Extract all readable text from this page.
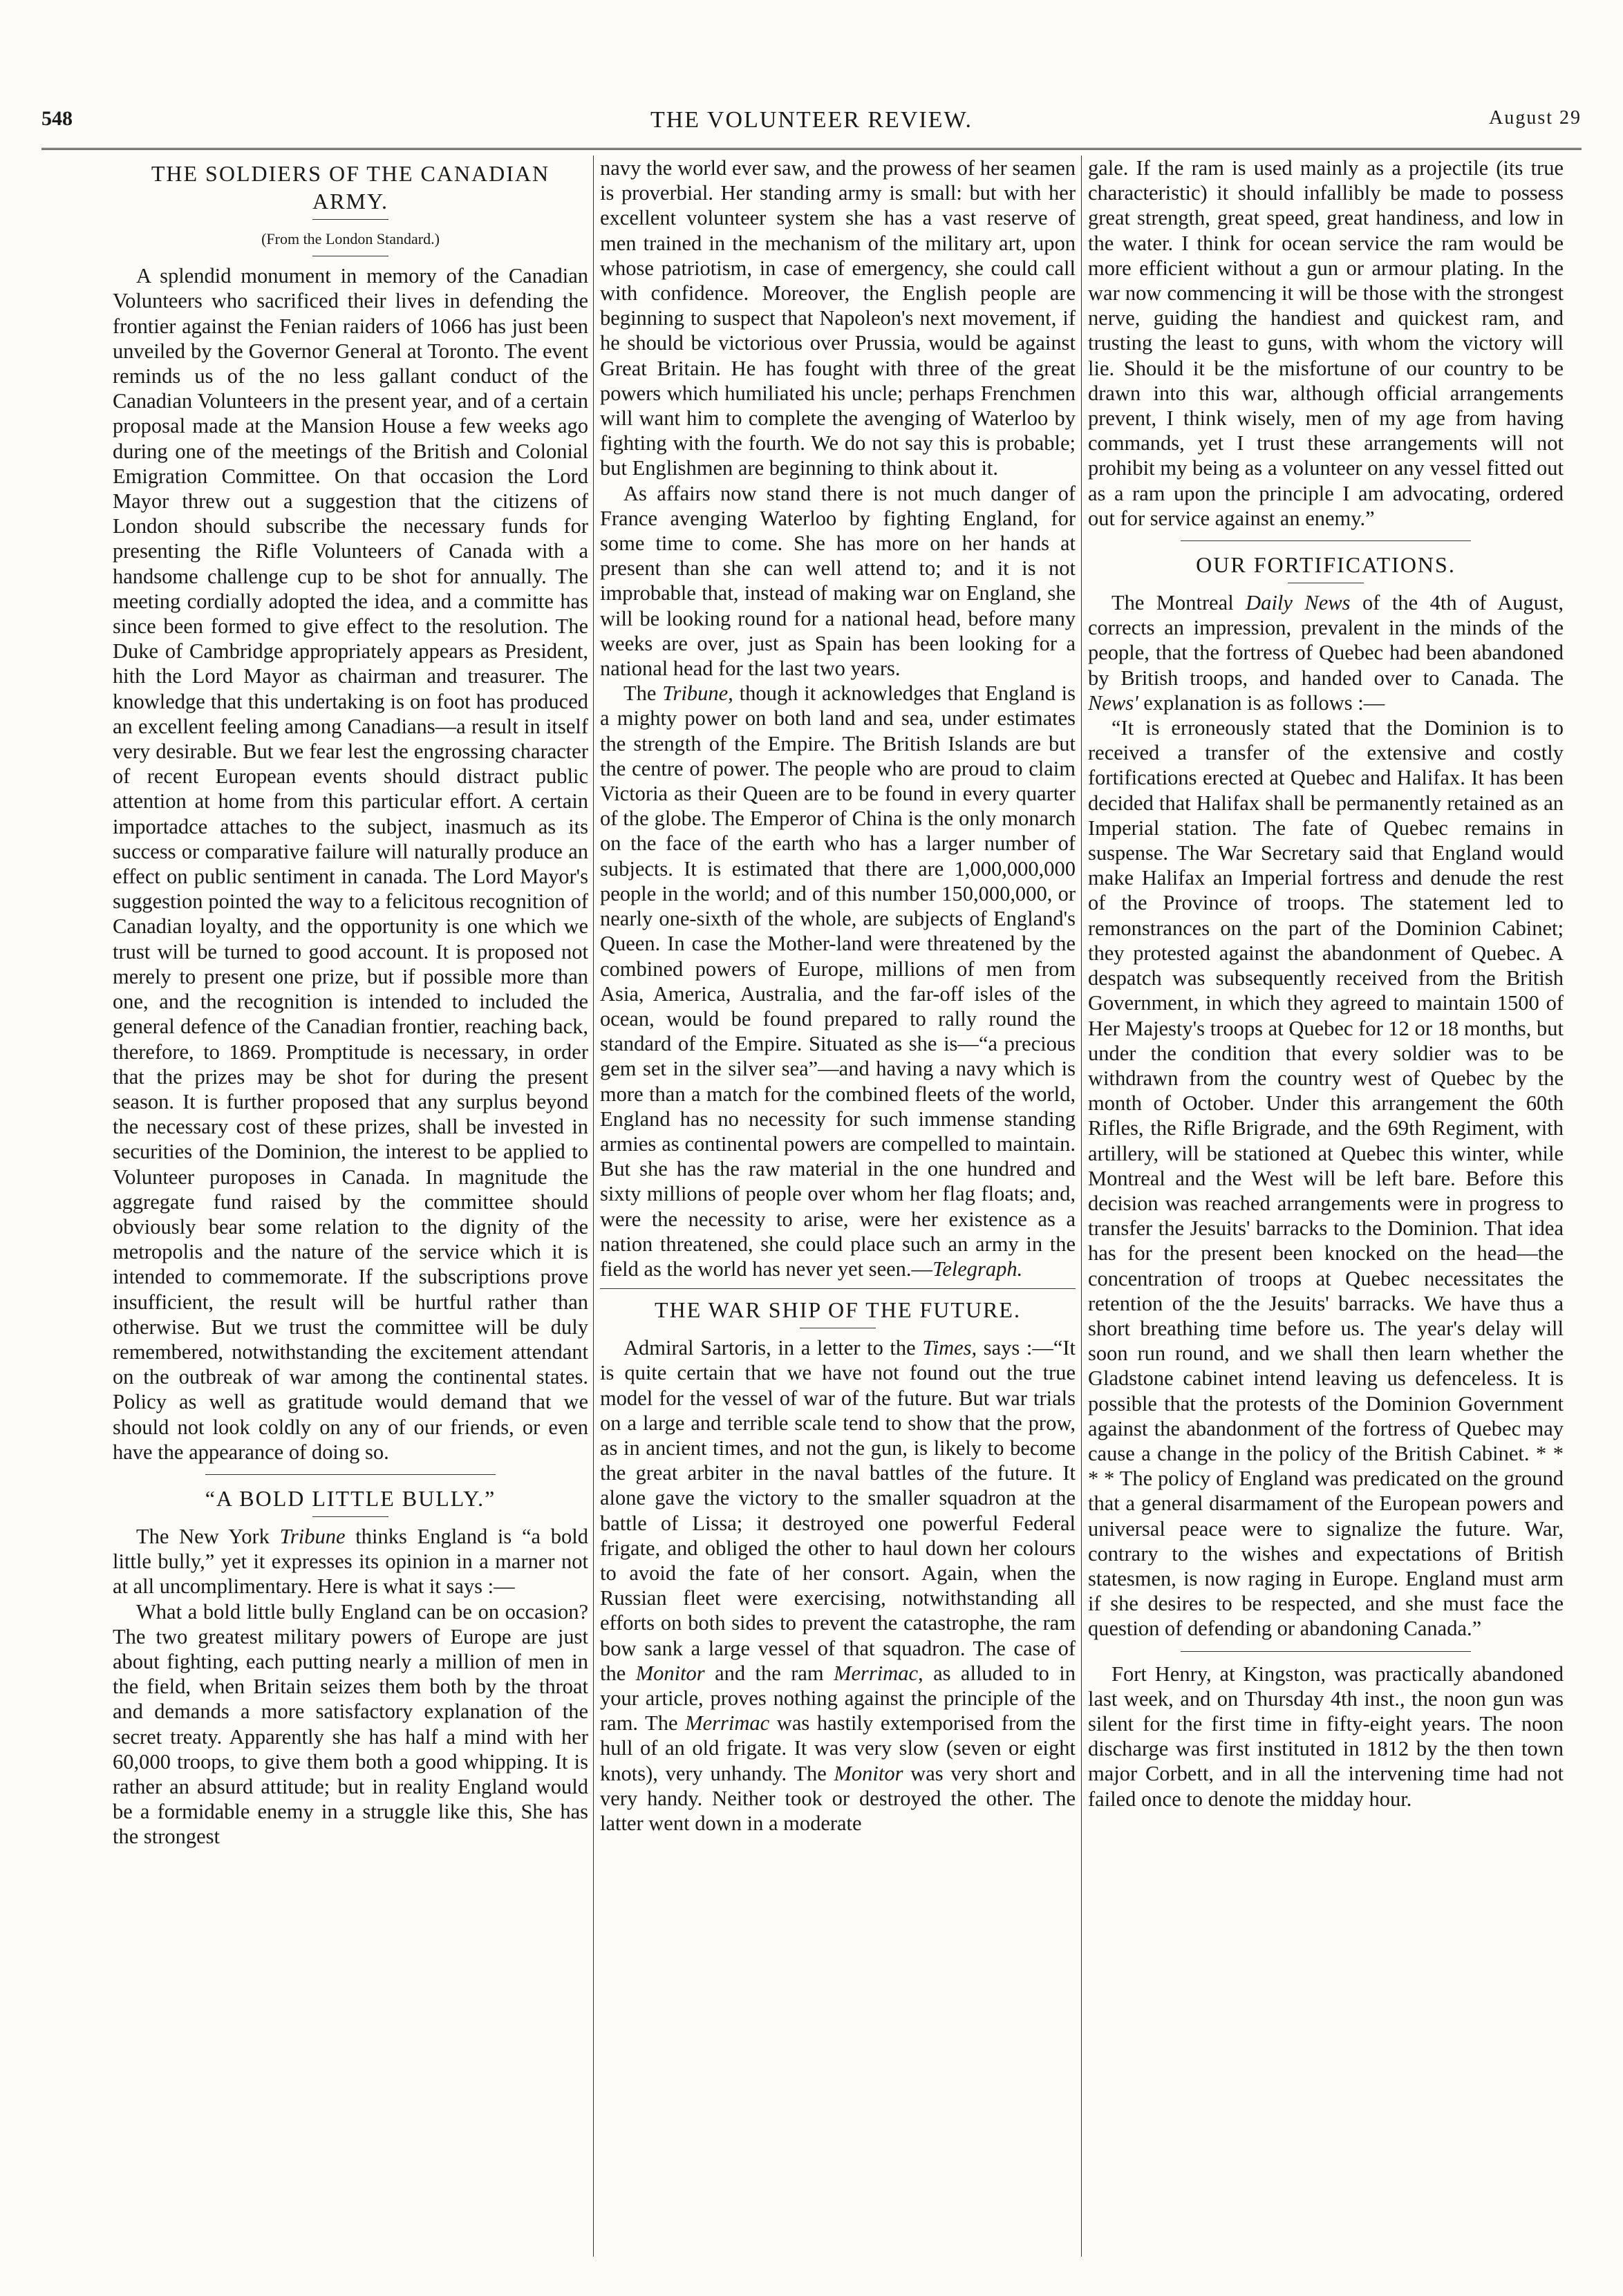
548	THE VOLUNTEER REVIEW.	August 29
THE SOLDIERS OF THE CANADIAN ARMY.
(From the London Standard.)

A splendid monument in memory of the Canadian Volunteers who sacrificed their lives in defending the frontier against the Fenian raiders of 1066 has just been unveiled by the Governor General at Toronto. The event reminds us of the no less gallant conduct of the Canadian Volunteers in the present year, and of a certain proposal made at the Mansion House a few weeks ago during one of the meetings of the British and Colonial Emigration Committee. On that occasion the Lord Mayor threw out a suggestion that the citizens of London should subscribe the necessary funds for presenting the Rifle Volunteers of Canada with a handsome challenge cup to be shot for annually. The meeting cordially adopted the idea, and a committe has since been formed to give effect to the resolution. The Duke of Cambridge appropriately appears as President, hith the Lord Mayor as chairman and treasurer. The knowledge that this undertaking is on foot has produced an excellent feeling among Canadians—a result in itself very desirable. But we fear lest the engrossing character of recent European events should distract public attention at home from this particular effort. A certain importadce attaches to the subject, inasmuch as its success or comparative failure will naturally produce an effect on public sentiment in canada. The Lord Mayor's suggestion pointed the way to a felicitous recognition of Canadian loyalty, and the opportunity is one which we trust will be turned to good account. It is proposed not merely to present one prize, but if possible more than one, and the recognition is intended to included the general defence of the Canadian frontier, reaching back, therefore, to 1869. Promptitude is necessary, in order that the prizes may be shot for during the present season. It is further proposed that any surplus beyond the necessary cost of these prizes, shall be invested in securities of the Dominion, the interest to be applied to Volunteer puroposes in Canada. In magnitude the aggregate fund raised by the committee should obviously bear some relation to the dignity of the metropolis and the nature of the service which it is intended to commemorate. If the subscriptions prove insufficient, the result will be hurtful rather than otherwise. But we trust the committee will be duly remembered, notwithstanding the excitement attendant on the outbreak of war among the continental states. Policy as well as gratitude would demand that we should not look coldly on any of our friends, or even have the appearance of doing so.

“A BOLD LITTLE BULLY.”

The New York Tribune thinks England is “a bold little bully,” yet it expresses its opinion in a marner not at all uncomplimentary. Here is what it says :—

What a bold little bully England can be on occasion? The two greatest military powers of Europe are just about fighting, each putting nearly a million of men in the field, when Britain seizes them both by the throat and demands a more satisfactory explanation of the secret treaty. Apparently she has half a mind with her 60,000 troops, to give them both a good whipping. It is rather an absurd attitude; but in reality England would be a formidable enemy in a struggle like this, She has the strongest

navy the world ever saw, and the prowess of her seamen is proverbial. Her standing army is small: but with her excellent volunteer system she has a vast reserve of men trained in the mechanism of the military art, upon whose patriotism, in case of emergency, she could call with confidence. Moreover, the English people are beginning to suspect that Napoleon's next movement, if he should be victorious over Prussia, would be against Great Britain. He has fought with three of the great powers which humiliated his uncle; perhaps Frenchmen will want him to complete the avenging of Waterloo by fighting with the fourth. We do not say this is probable; but Englishmen are beginning to think about it.

As affairs now stand there is not much danger of France avenging Waterloo by fighting England, for some time to come. She has more on her hands at present than she can well attend to; and it is not improbable that, instead of making war on England, she will be looking round for a national head, before many weeks are over, just as Spain has been looking for a national head for the last two years.

The Tribune, though it acknowledges that England is a mighty power on both land and sea, under estimates the strength of the Empire. The British Islands are but the centre of power. The people who are proud to claim Victoria as their Queen are to be found in every quarter of the globe. The Emperor of China is the only monarch on the face of the earth who has a larger number of subjects. It is estimated that there are 1,000,000,000 people in the world; and of this number 150,000,000, or nearly one-sixth of the whole, are subjects of England's Queen. In case the Mother-land were threatened by the combined powers of Europe, millions of men from Asia, America, Australia, and the far-off isles of the ocean, would be found prepared to rally round the standard of the Empire. Situated as she is—“a precious gem set in the silver sea”—and having a navy which is more than a match for the combined fleets of the world, England has no necessity for such immense standing armies as continental powers are compelled to maintain. But she has the raw material in the one hundred and sixty millions of people over whom her flag floats; and, were the necessity to arise, were her existence as a nation threatened, she could place such an army in the field as the world has never yet seen.—Telegraph.

THE WAR SHIP OF THE FUTURE.

Admiral Sartoris, in a letter to the Times, says :—“It is quite certain that we have not found out the true model for the vessel of war of the future. But war trials on a large and terrible scale tend to show that the prow, as in ancient times, and not the gun, is likely to become the great arbiter in the naval battles of the future. It alone gave the victory to the smaller squadron at the battle of Lissa; it destroyed one powerful Federal frigate, and obliged the other to haul down her colours to avoid the fate of her consort. Again, when the Russian fleet were exercising, notwithstanding all efforts on both sides to prevent the catastrophe, the ram bow sank a large vessel of that squadron. The case of the Monitor and the ram Merrimac, as alluded to in your article, proves nothing against the principle of the ram. The Merrimac was hastily extemporised from the hull of an old frigate. It was very slow (seven or eight knots), very unhandy. The Monitor was very short and very handy. Neither took or destroyed the other. The latter went down in a moderate

gale. If the ram is used mainly as a projectile (its true characteristic) it should infallibly be made to possess great strength, great speed, great handiness, and low in the water. I think for ocean service the ram would be more efficient without a gun or armour plating. In the war now commencing it will be those with the strongest nerve, guiding the handiest and quickest ram, and trusting the least to guns, with whom the victory will lie. Should it be the misfortune of our country to be drawn into this war, although official arrangements prevent, I think wisely, men of my age from having commands, yet I trust these arrangements will not prohibit my being as a volunteer on any vessel fitted out as a ram upon the principle I am advocating, ordered out for service against an enemy.”

OUR FORTIFICATIONS.

The Montreal Daily News of the 4th of August, corrects an impression, prevalent in the minds of the people, that the fortress of Quebec had been abandoned by British troops, and handed over to Canada. The News' explanation is as follows :—

“It is erroneously stated that the Dominion is to received a transfer of the extensive and costly fortifications erected at Quebec and Halifax. It has been decided that Halifax shall be permanently retained as an Imperial station. The fate of Quebec remains in suspense. The War Secretary said that England would make Halifax an Imperial fortress and denude the rest of the Province of troops. The statement led to remonstrances on the part of the Dominion Cabinet; they protested against the abandonment of Quebec. A despatch was subsequently received from the British Government, in which they agreed to maintain 1500 of Her Majesty's troops at Quebec for 12 or 18 months, but under the condition that every soldier was to be withdrawn from the country west of Quebec by the month of October. Under this arrangement the 60th Rifles, the Rifle Brigrade, and the 69th Regiment, with artillery, will be stationed at Quebec this winter, while Montreal and the West will be left bare. Before this decision was reached arrangements were in progress to transfer the Jesuits' barracks to the Dominion. That idea has for the present been knocked on the head—the concentration of troops at Quebec necessitates the retention of the the Jesuits' barracks. We have thus a short breathing time before us. The year's delay will soon run round, and we shall then learn whether the Gladstone cabinet intend leaving us defenceless. It is possible that the protests of the Dominion Government against the abandonment of the fortress of Quebec may cause a change in the policy of the British Cabinet. * * * * The policy of England was predicated on the ground that a general disarmament of the European powers and universal peace were to signalize the future. War, contrary to the wishes and expectations of British statesmen, is now raging in Europe. England must arm if she desires to be respected, and she must face the question of defending or abandoning Canada.”

Fort Henry, at Kingston, was practically abandoned last week, and on Thursday 4th inst., the noon gun was silent for the first time in fifty-eight years. The noon discharge was first instituted in 1812 by the then town major Corbett, and in all the intervening time had not failed once to denote the midday hour.
